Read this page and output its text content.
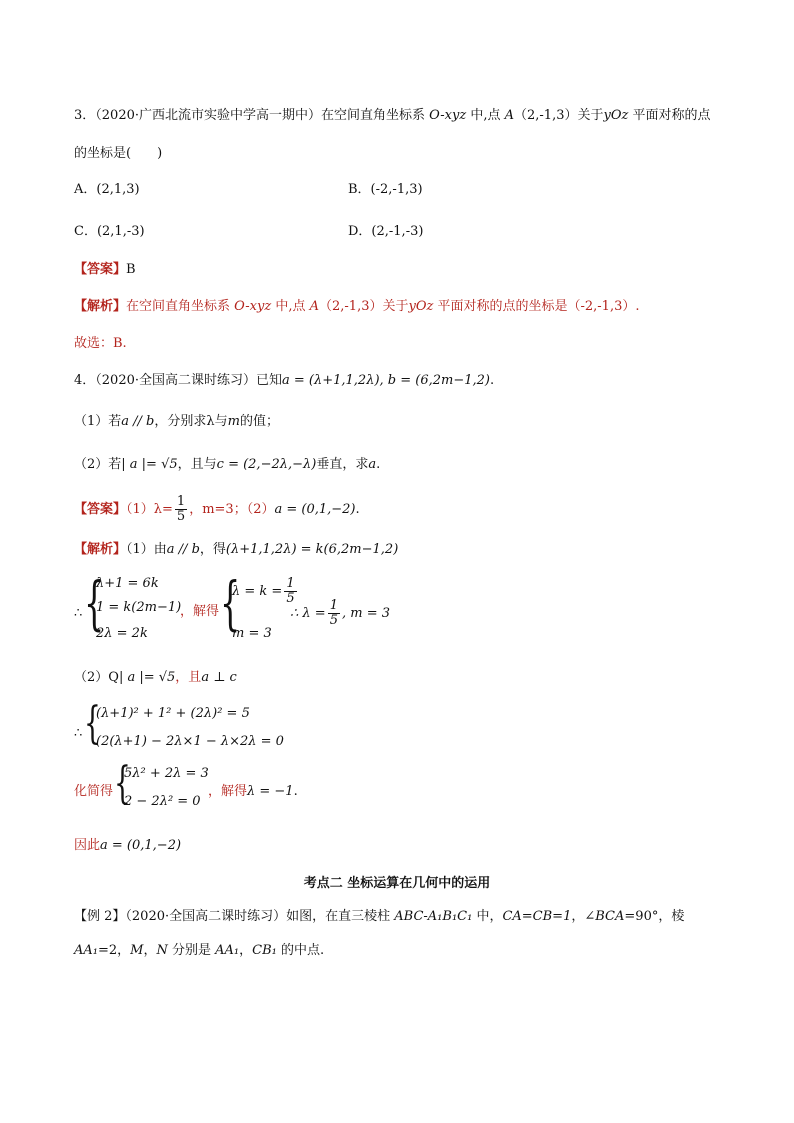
3．（2020·广西北流市实验中学高一期中）在空间直角坐标系 O-xyz 中,点 A（2,-1,3）关于yOz 平面对称的点
的坐标是(　　)
A．(2,1,3)	B．(-2,-1,3)
C．(2,1,-3)	D．(2,-1,-3)
【答案】B
【解析】在空间直角坐标系 O-xyz 中,点 A（2,-1,3）关于yOz 平面对称的点的坐标是（-2,-1,3）.
故选：B.
4．（2020·全国高二课时练习）已知a = (λ+1,1,2λ), b = (6,2m−1,2).
（1）若a // b，分别求λ与m的值；
（2）若| a |= √5，且与c = (2,−2λ,−λ)垂直，求a.
【答案】$(1)\lambda= \frac{1}{5}$ ，m=3；（2）a = (0,1,−2).
【解析】（1）由a // b，得(λ+1,1,2λ) = k(6,2m−1,2)
∴ {
λ+1 = 6k
1 = k(2m−1)
2λ = 2k
，解得 {
$\lambda = k = \frac{1}{5}$
m = 3
∴ $\lambda = \frac{1}{5}$ , m = 3
（2）Q| a |= √5，且a ⊥ c
∴ {
(λ+1)² + 1² + (2λ)² = 5
(2(λ+1) − 2λ×1 − λ×2λ = 0
化简得 {
5λ² + 2λ = 3
2 − 2λ² = 0
，解得λ = −1.
因此a = (0,1,−2)
考点二 坐标运算在几何中的运用
【例 2】（2020·全国高二课时练习）如图，在直三棱柱 ABC-A₁B₁C₁ 中，CA=CB=1，∠BCA=90°，棱
AA₁=2，M，N 分别是 AA₁，CB₁ 的中点.
